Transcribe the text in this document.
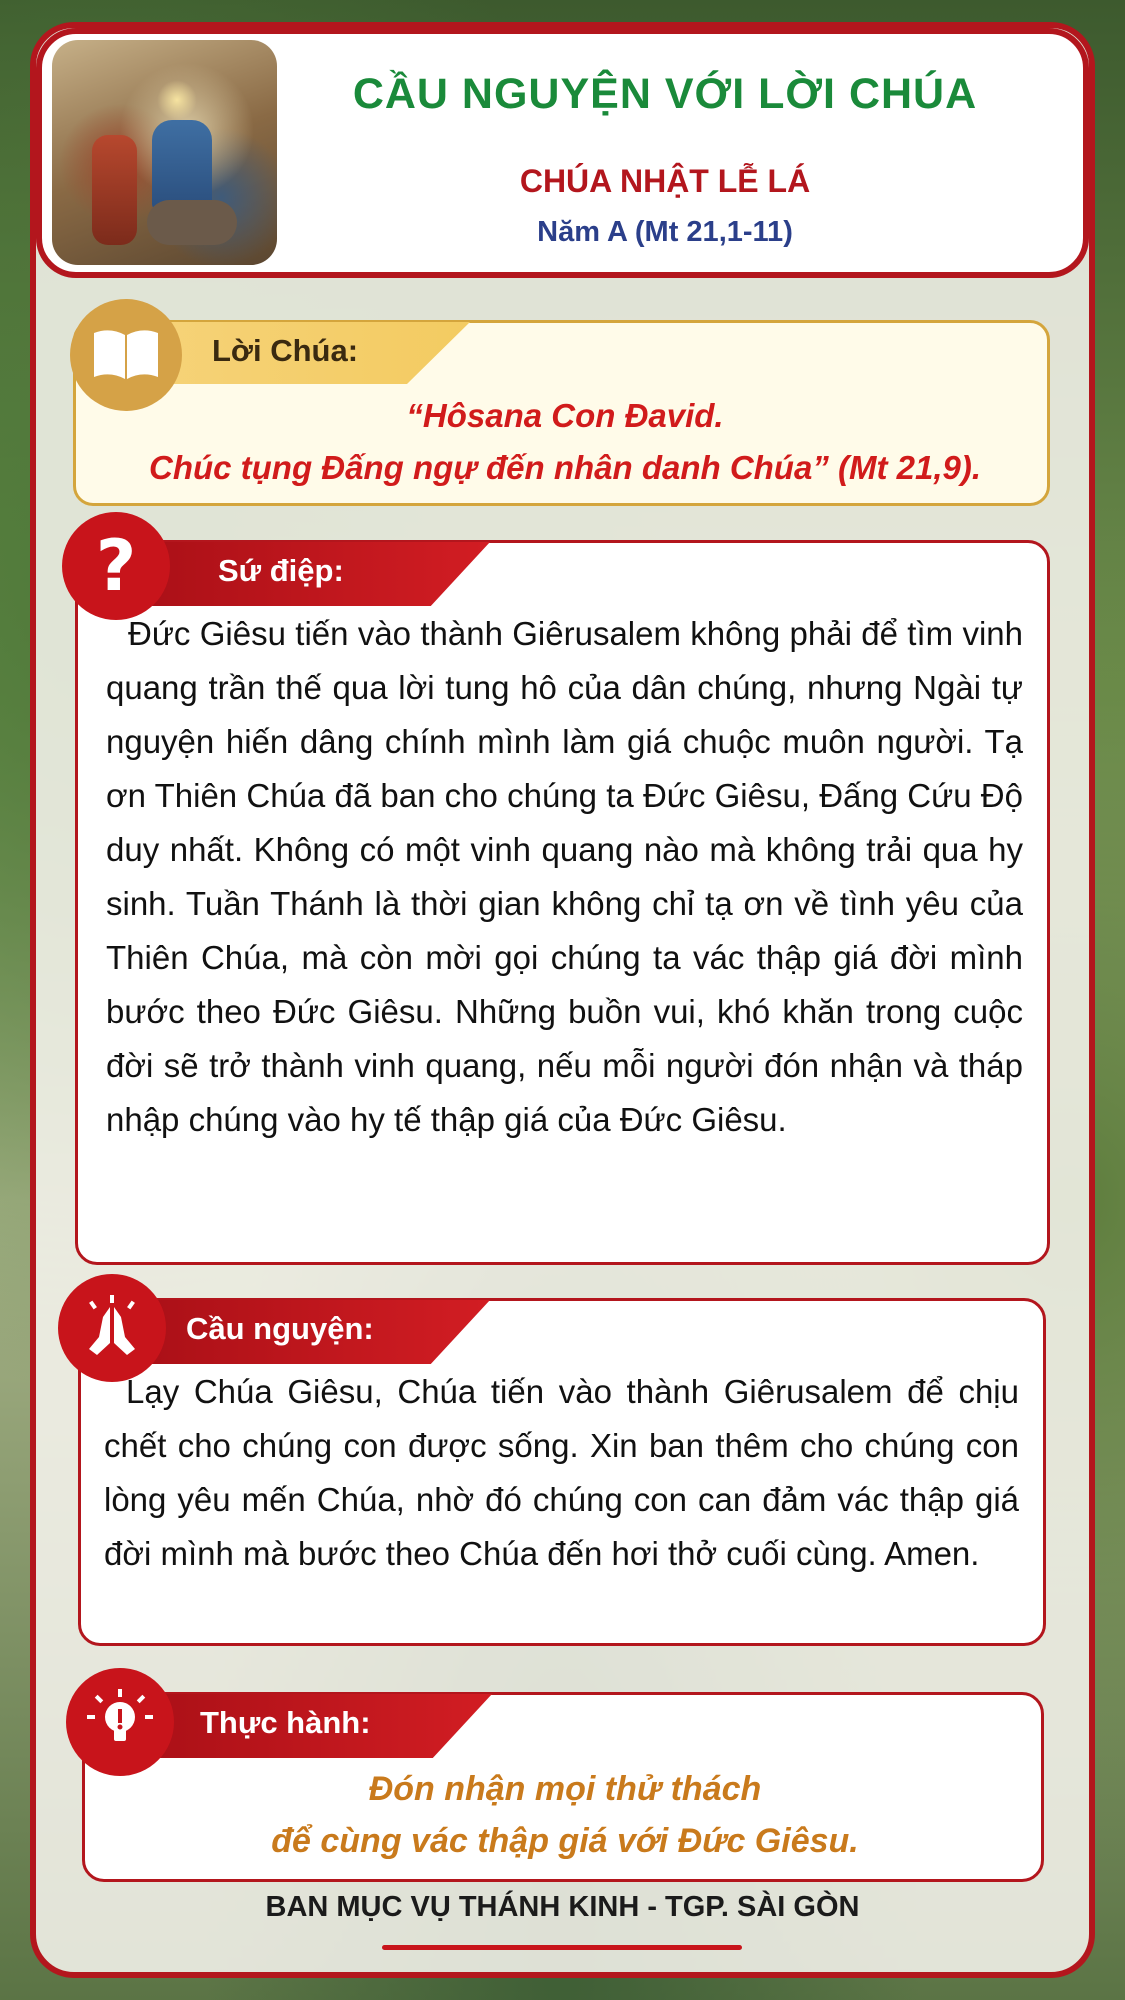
CẦU NGUYỆN VỚI LỜI CHÚA
CHÚA NHẬT LỄ LÁ
Năm A (Mt 21,1-11)
Lời Chúa:
“Hôsana Con Đavid.
Chúc tụng Đấng ngự đến nhân danh Chúa” (Mt 21,9).
Sứ điệp:
?

Đức Giêsu tiến vào thành Giêrusalem không phải để tìm vinh quang trần thế qua lời tung hô của dân chúng, nhưng Ngài tự nguyện hiến dâng chính mình làm giá chuộc muôn người. Tạ ơn Thiên Chúa đã ban cho chúng ta Đức Giêsu, Đấng Cứu Độ duy nhất. Không có một vinh quang nào mà không trải qua hy sinh. Tuần Thánh là thời gian không chỉ tạ ơn về tình yêu của Thiên Chúa, mà còn mời gọi chúng ta vác thập giá đời mình bước theo Đức Giêsu. Những buồn vui, khó khăn trong cuộc đời sẽ trở thành vinh quang, nếu mỗi người đón nhận và tháp nhập chúng vào hy tế thập giá của Đức Giêsu.

Cầu nguyện:

Lạy Chúa Giêsu, Chúa tiến vào thành Giêrusalem để chịu chết cho chúng con được sống. Xin ban thêm cho chúng con lòng yêu mến Chúa, nhờ đó chúng con can đảm vác thập giá đời mình mà bước theo Chúa đến hơi thở cuối cùng. Amen.

Thực hành:
Đón nhận mọi thử thách
để cùng vác thập giá với Đức Giêsu.
BAN MỤC VỤ THÁNH KINH - TGP. SÀI GÒN
